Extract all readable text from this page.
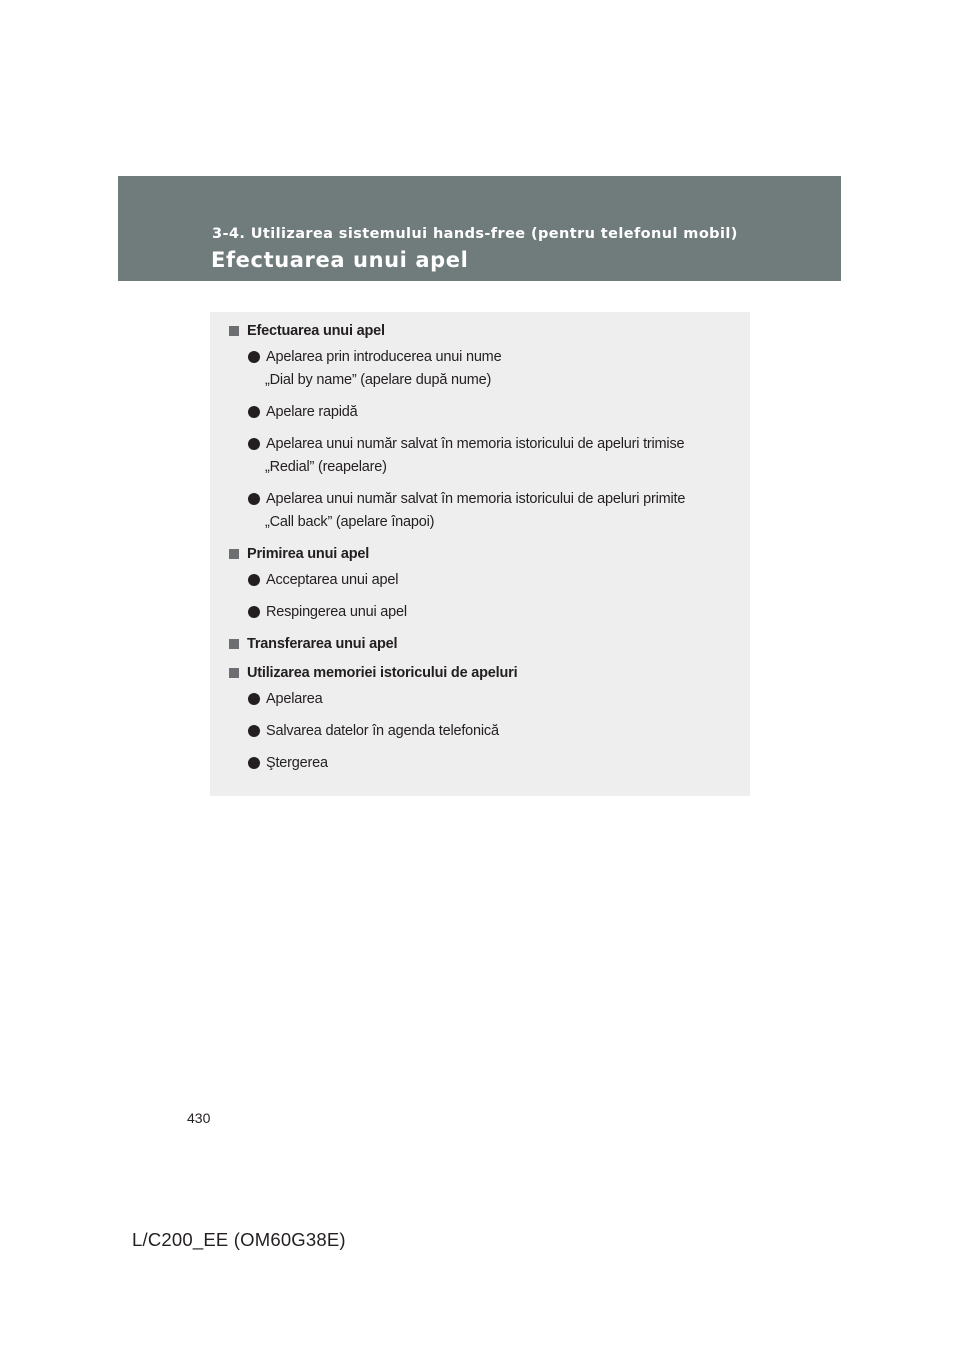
3-4. Utilizarea sistemului hands-free (pentru telefonul mobil)
Efectuarea unui apel
Efectuarea unui apel
Apelarea prin introducerea unui nume
„Dial by name” (apelare după nume)
Apelare rapidă
Apelarea unui număr salvat în memoria istoricului de apeluri trimise
„Redial” (reapelare)
Apelarea unui număr salvat în memoria istoricului de apeluri primite
„Call back” (apelare înapoi)
Primirea unui apel
Acceptarea unui apel
Respingerea unui apel
Transferarea unui apel
Utilizarea memoriei istoricului de apeluri
Apelarea
Salvarea datelor în agenda telefonică
Ştergerea
430
L/C200_EE (OM60G38E)
